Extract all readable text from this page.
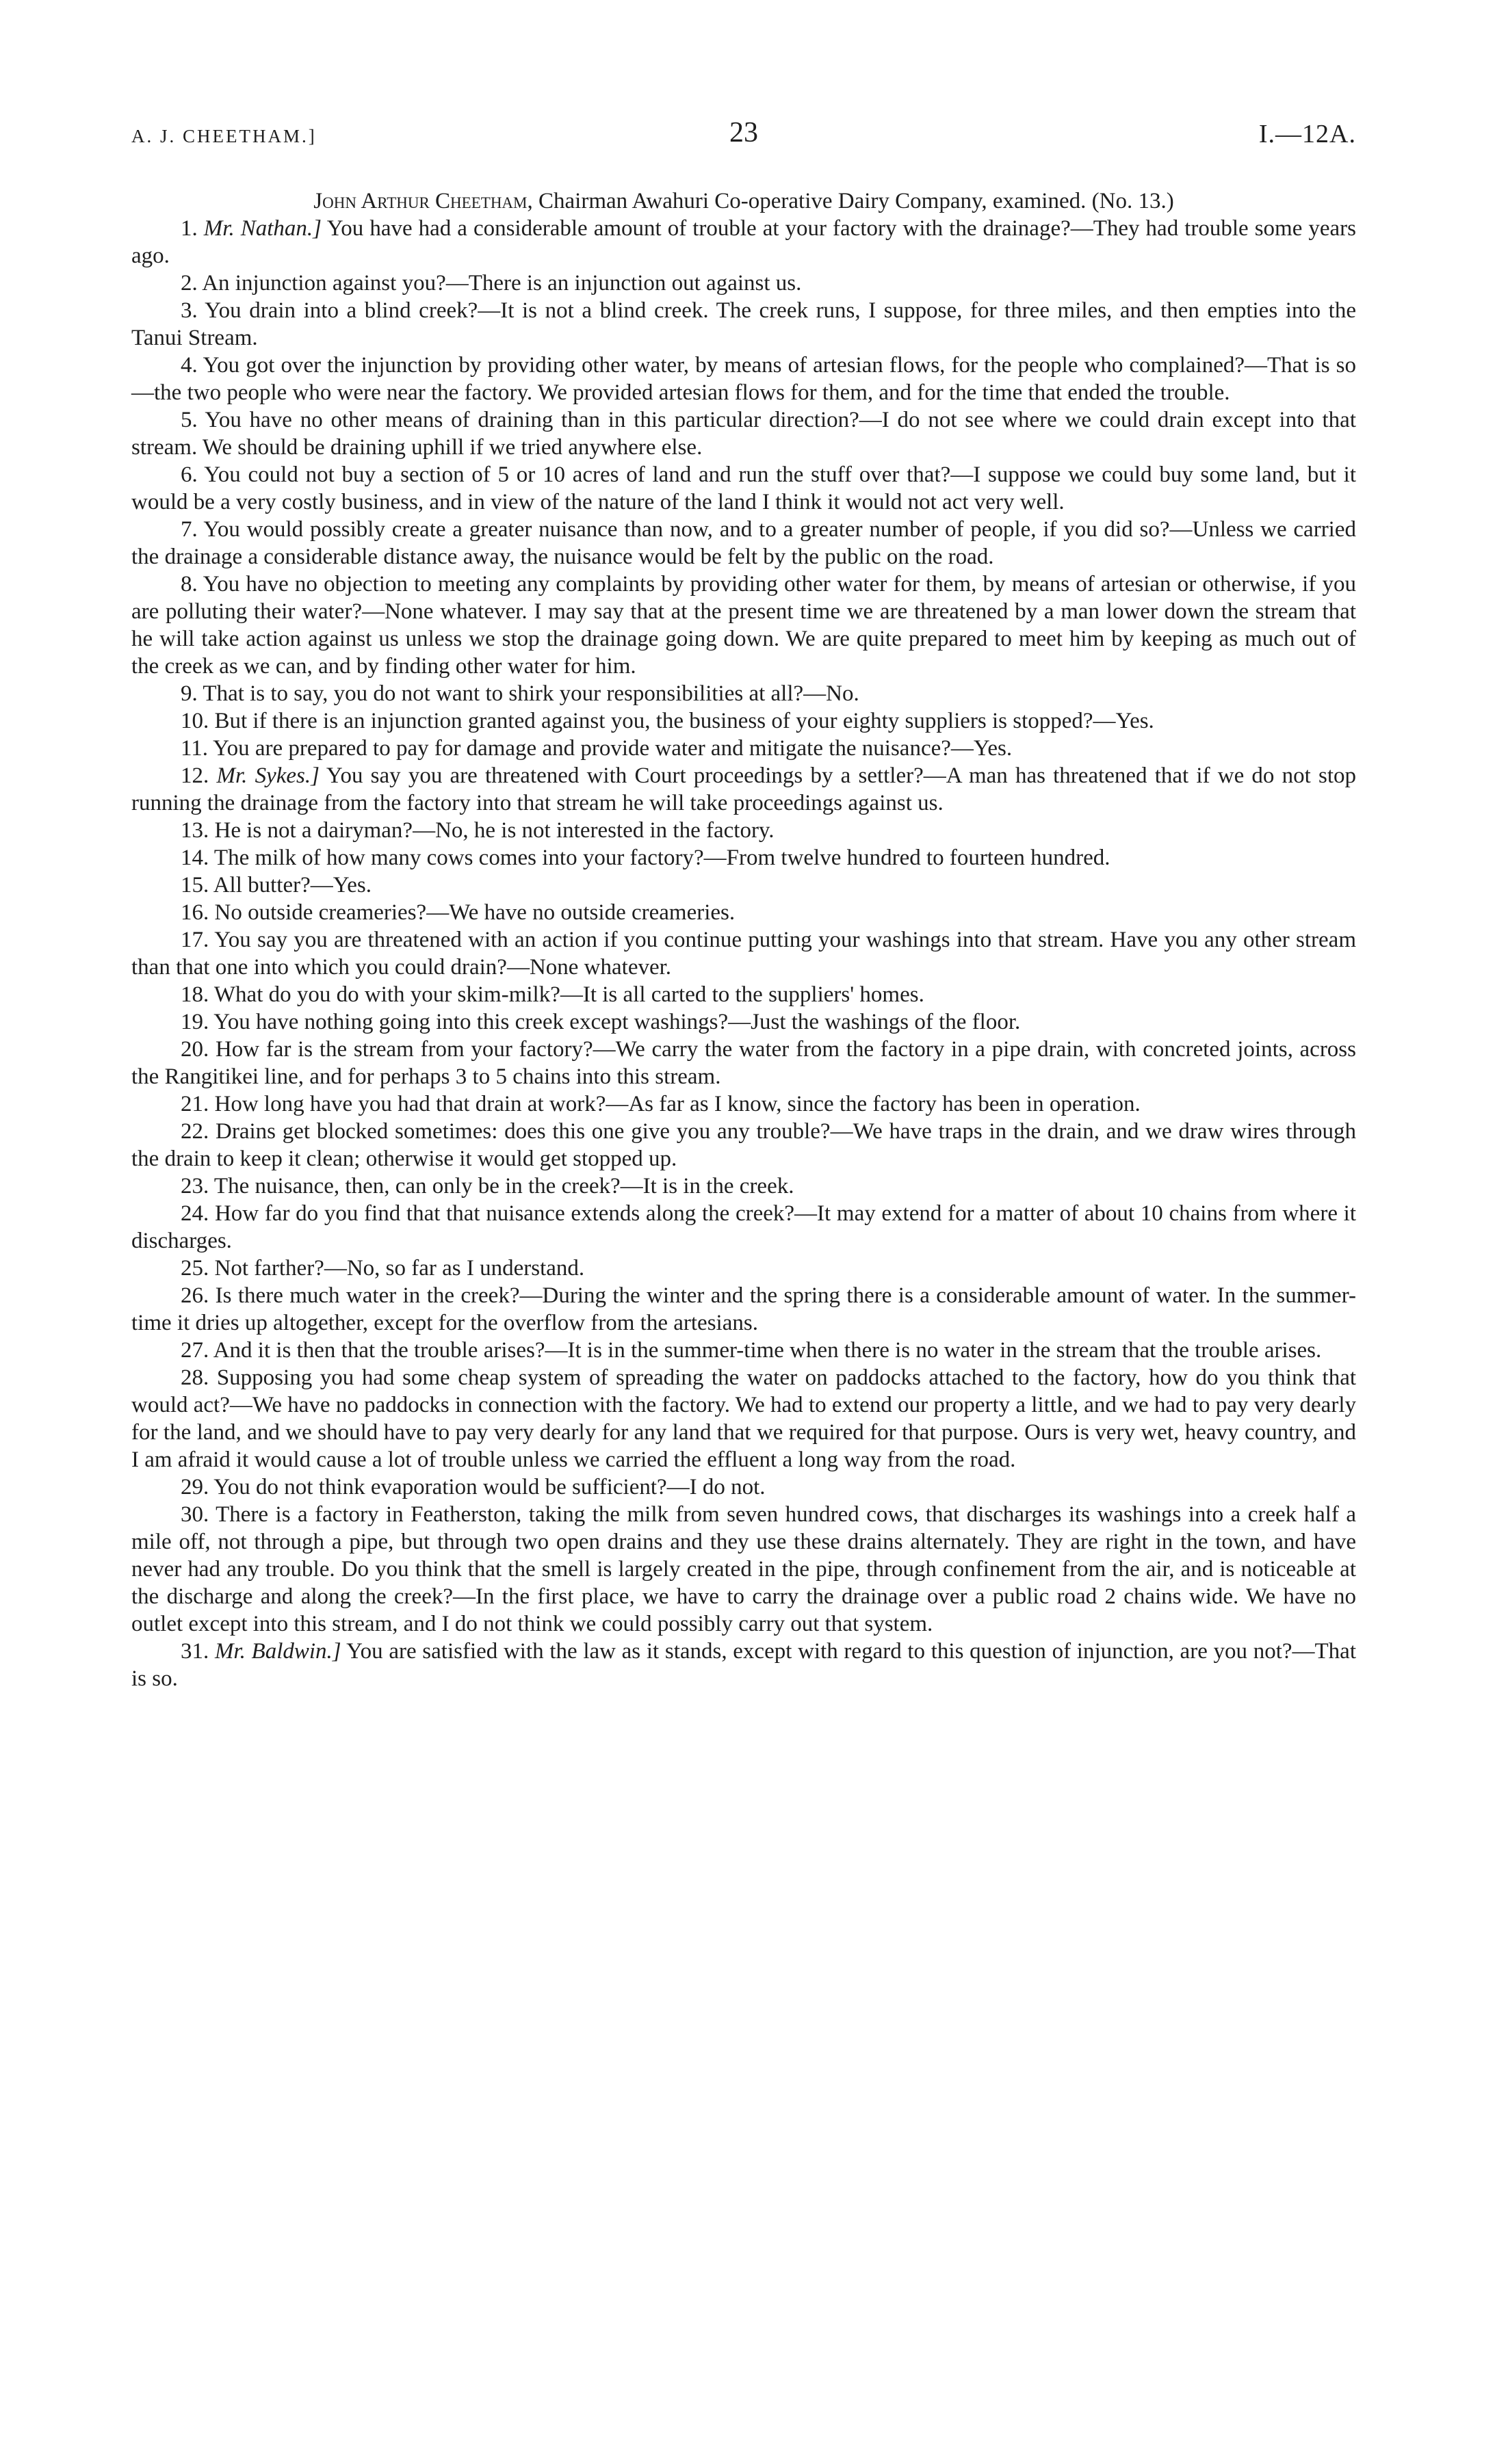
A. J. CHEETHAM.]	23	I.—12A.
John Arthur Cheetham, Chairman Awahuri Co-operative Dairy Company, examined. (No. 13.)

1. Mr. Nathan.] You have had a considerable amount of trouble at your factory with the drainage?—They had trouble some years ago.

2. An injunction against you?—There is an injunction out against us.

3. You drain into a blind creek?—It is not a blind creek. The creek runs, I suppose, for three miles, and then empties into the Tanui Stream.

4. You got over the injunction by providing other water, by means of artesian flows, for the people who complained?—That is so—the two people who were near the factory. We provided artesian flows for them, and for the time that ended the trouble.

5. You have no other means of draining than in this particular direction?—I do not see where we could drain except into that stream. We should be draining uphill if we tried anywhere else.

6. You could not buy a section of 5 or 10 acres of land and run the stuff over that?—I suppose we could buy some land, but it would be a very costly business, and in view of the nature of the land I think it would not act very well.

7. You would possibly create a greater nuisance than now, and to a greater number of people, if you did so?—Unless we carried the drainage a considerable distance away, the nuisance would be felt by the public on the road.

8. You have no objection to meeting any complaints by providing other water for them, by means of artesian or otherwise, if you are polluting their water?—None whatever. I may say that at the present time we are threatened by a man lower down the stream that he will take action against us unless we stop the drainage going down. We are quite prepared to meet him by keeping as much out of the creek as we can, and by finding other water for him.

9. That is to say, you do not want to shirk your responsibilities at all?—No.

10. But if there is an injunction granted against you, the business of your eighty suppliers is stopped?—Yes.

11. You are prepared to pay for damage and provide water and mitigate the nuisance?—Yes.

12. Mr. Sykes.] You say you are threatened with Court proceedings by a settler?—A man has threatened that if we do not stop running the drainage from the factory into that stream he will take proceedings against us.

13. He is not a dairyman?—No, he is not interested in the factory.

14. The milk of how many cows comes into your factory?—From twelve hundred to fourteen hundred.

15. All butter?—Yes.

16. No outside creameries?—We have no outside creameries.

17. You say you are threatened with an action if you continue putting your washings into that stream. Have you any other stream than that one into which you could drain?—None whatever.

18. What do you do with your skim-milk?—It is all carted to the suppliers' homes.

19. You have nothing going into this creek except washings?—Just the washings of the floor.

20. How far is the stream from your factory?—We carry the water from the factory in a pipe drain, with concreted joints, across the Rangitikei line, and for perhaps 3 to 5 chains into this stream.

21. How long have you had that drain at work?—As far as I know, since the factory has been in operation.

22. Drains get blocked sometimes: does this one give you any trouble?—We have traps in the drain, and we draw wires through the drain to keep it clean; otherwise it would get stopped up.

23. The nuisance, then, can only be in the creek?—It is in the creek.

24. How far do you find that that nuisance extends along the creek?—It may extend for a matter of about 10 chains from where it discharges.

25. Not farther?—No, so far as I understand.

26. Is there much water in the creek?—During the winter and the spring there is a considerable amount of water. In the summer-time it dries up altogether, except for the overflow from the artesians.

27. And it is then that the trouble arises?—It is in the summer-time when there is no water in the stream that the trouble arises.

28. Supposing you had some cheap system of spreading the water on paddocks attached to the factory, how do you think that would act?—We have no paddocks in connection with the factory. We had to extend our property a little, and we had to pay very dearly for the land, and we should have to pay very dearly for any land that we required for that purpose. Ours is very wet, heavy country, and I am afraid it would cause a lot of trouble unless we carried the effluent a long way from the road.

29. You do not think evaporation would be sufficient?—I do not.

30. There is a factory in Featherston, taking the milk from seven hundred cows, that discharges its washings into a creek half a mile off, not through a pipe, but through two open drains and they use these drains alternately. They are right in the town, and have never had any trouble. Do you think that the smell is largely created in the pipe, through confinement from the air, and is noticeable at the discharge and along the creek?—In the first place, we have to carry the drainage over a public road 2 chains wide. We have no outlet except into this stream, and I do not think we could possibly carry out that system.

31. Mr. Baldwin.] You are satisfied with the law as it stands, except with regard to this question of injunction, are you not?—That is so.
